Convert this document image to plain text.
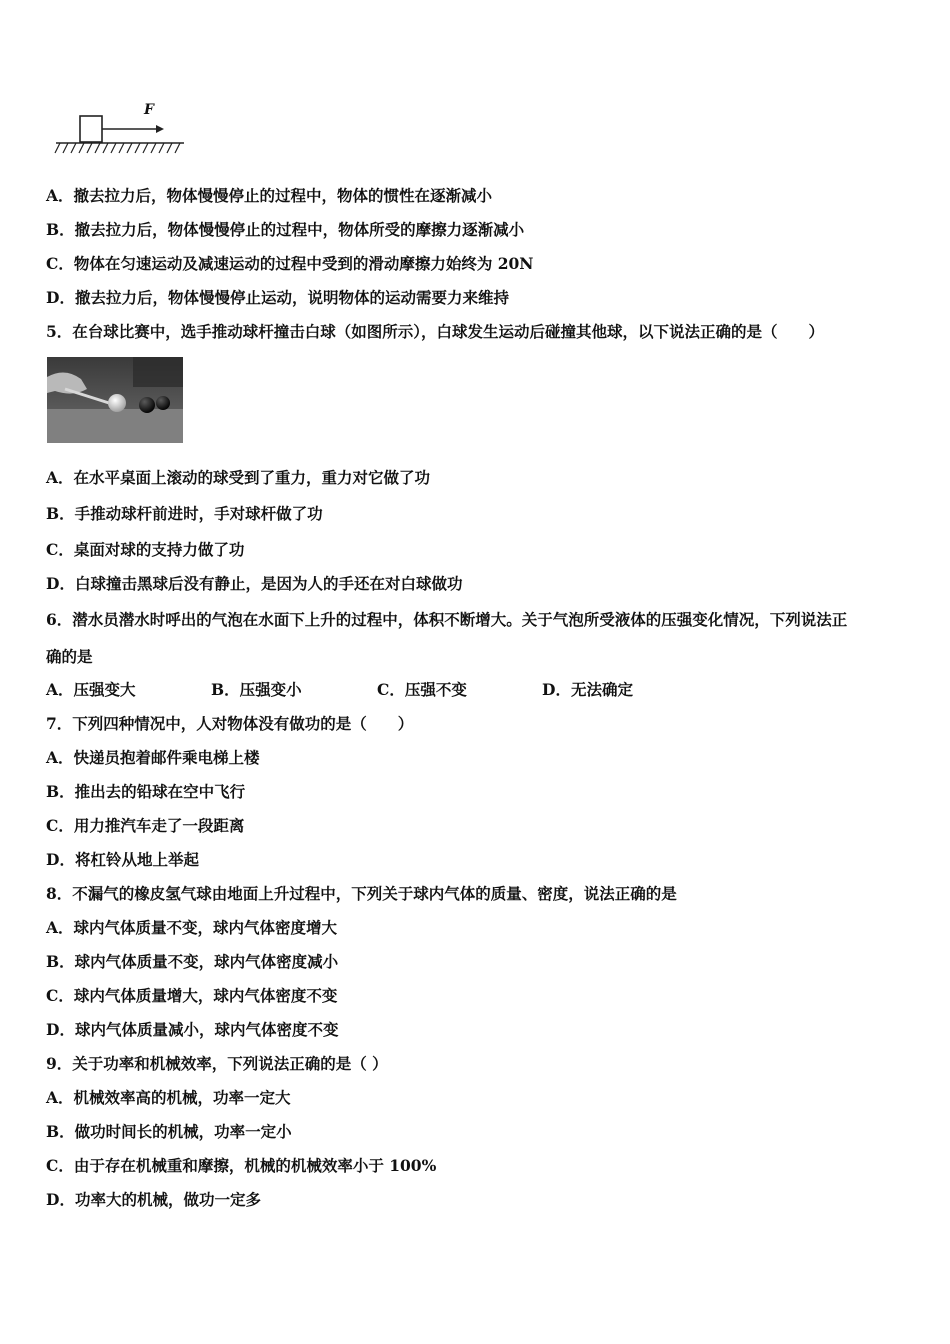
F
A．撤去拉力后，物体慢慢停止的过程中，物体的惯性在逐渐减小
B．撤去拉力后，物体慢慢停止的过程中，物体所受的摩擦力逐渐减小
C．物体在匀速运动及减速运动的过程中受到的滑动摩擦力始终为 20N
D．撤去拉力后，物体慢慢停止运动，说明物体的运动需要力来维持
5．在台球比赛中，选手推动球杆撞击白球（如图所示），白球发生运动后碰撞其他球，以下说法正确的是（　　）
A．在水平桌面上滚动的球受到了重力，重力对它做了功
B．手推动球杆前进时，手对球杆做了功
C．桌面对球的支持力做了功
D．白球撞击黑球后没有静止，是因为人的手还在对白球做功
6．潜水员潜水时呼出的气泡在水面下上升的过程中，体积不断增大。关于气泡所受液体的压强变化情况，下列说法正
确的是
A．压强变大	B．压强变小	C．压强不变	D．无法确定
7．下列四种情况中，人对物体没有做功的是（　　）
A．快递员抱着邮件乘电梯上楼
B．推出去的铅球在空中飞行
C．用力推汽车走了一段距离
D．将杠铃从地上举起
8．不漏气的橡皮氢气球由地面上升过程中，下列关于球内气体的质量、密度，说法正确的是
A．球内气体质量不变，球内气体密度增大
B．球内气体质量不变，球内气体密度减小
C．球内气体质量增大，球内气体密度不变
D．球内气体质量减小，球内气体密度不变
9．关于功率和机械效率，下列说法正确的是（ ）
A．机械效率高的机械，功率一定大
B．做功时间长的机械，功率一定小
C．由于存在机械重和摩擦，机械的机械效率小于 100%
D．功率大的机械，做功一定多
